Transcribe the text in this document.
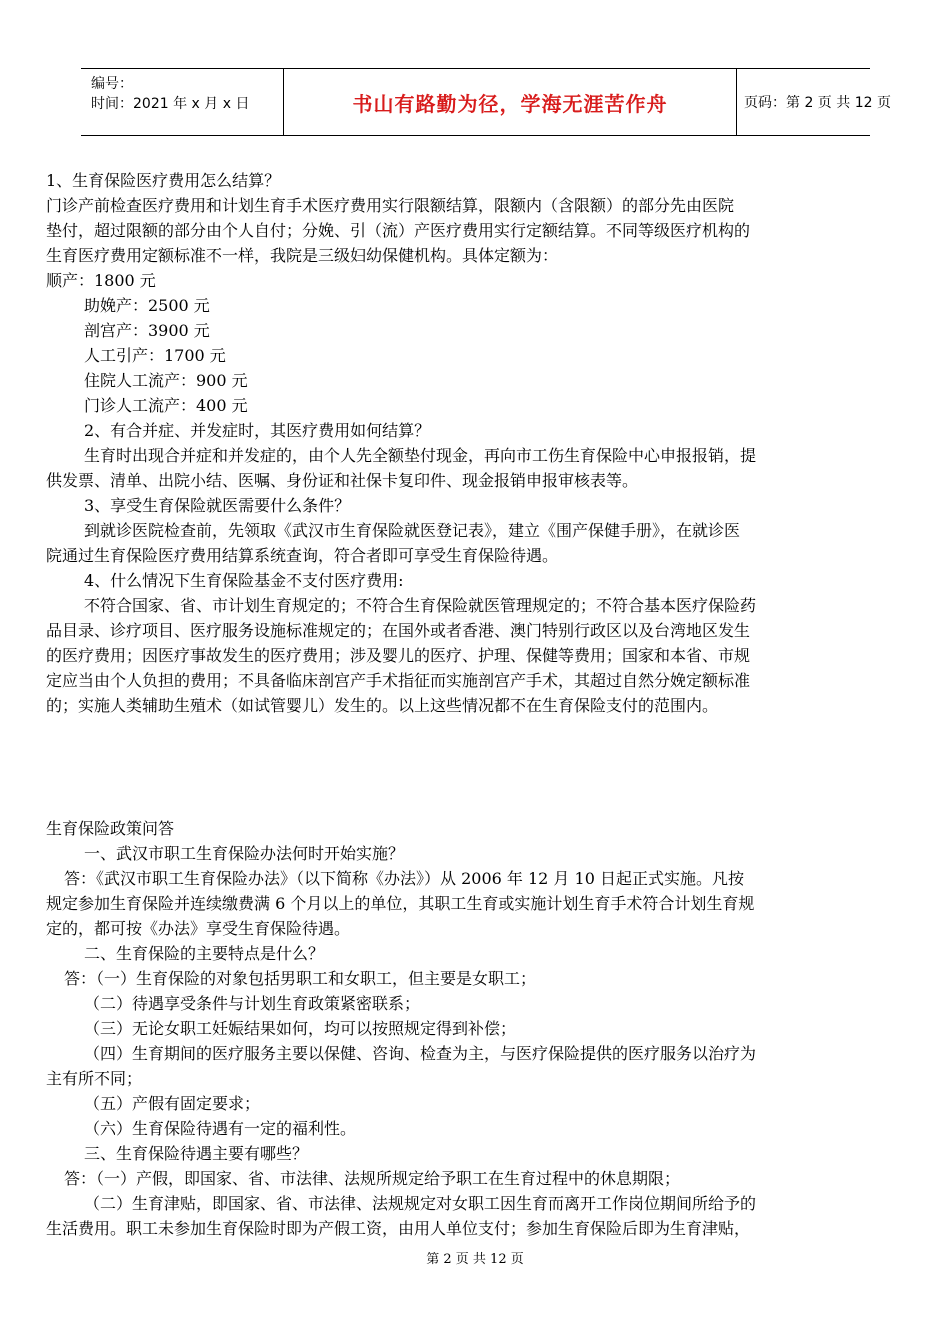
编号：
时间：2021 年 x 月 x 日	书山有路勤为径，学海无涯苦作舟	页码：第 2 页 共 12 页
1、生育保险医疗费用怎么结算？
门诊产前检查医疗费用和计划生育手术医疗费用实行限额结算，限额内（含限额）的部分先由医院
垫付，超过限额的部分由个人自付；分娩、引（流）产医疗费用实行定额结算。不同等级医疗机构的
生育医疗费用定额标准不一样，我院是三级妇幼保健机构。具体定额为：
顺产：1800 元
助娩产：2500 元
剖宫产：3900 元
人工引产：1700 元
住院人工流产：900 元
门诊人工流产：400 元
2、有合并症、并发症时，其医疗费用如何结算？
生育时出现合并症和并发症的，由个人先全额垫付现金，再向市工伤生育保险中心申报报销，提
供发票、清单、出院小结、医嘱、身份证和社保卡复印件、现金报销申报审核表等。
3、享受生育保险就医需要什么条件？
到就诊医院检查前，先领取《武汉市生育保险就医登记表》，建立《围产保健手册》，在就诊医
院通过生育保险医疗费用结算系统查询，符合者即可享受生育保险待遇。
4、什么情况下生育保险基金不支付医疗费用:
不符合国家、省、市计划生育规定的；不符合生育保险就医管理规定的；不符合基本医疗保险药
品目录、诊疗项目、医疗服务设施标准规定的；在国外或者香港、澳门特别行政区以及台湾地区发生
的医疗费用；因医疗事故发生的医疗费用；涉及婴儿的医疗、护理、保健等费用；国家和本省、市规
定应当由个人负担的费用；不具备临床剖宫产手术指征而实施剖宫产手术，其超过自然分娩定额标准
的；实施人类辅助生殖术（如试管婴儿）发生的。以上这些情况都不在生育保险支付的范围内。
生育保险政策问答
一、武汉市职工生育保险办法何时开始实施？
答：《武汉市职工生育保险办法》（以下简称《办法》）从 2006 年 12 月 10 日起正式实施。凡按
规定参加生育保险并连续缴费满 6 个月以上的单位，其职工生育或实施计划生育手术符合计划生育规
定的，都可按《办法》享受生育保险待遇。
二、生育保险的主要特点是什么？
答：（一）生育保险的对象包括男职工和女职工，但主要是女职工；
（二）待遇享受条件与计划生育政策紧密联系；
（三）无论女职工妊娠结果如何，均可以按照规定得到补偿；
（四）生育期间的医疗服务主要以保健、咨询、检查为主，与医疗保险提供的医疗服务以治疗为
主有所不同；
（五）产假有固定要求；
（六）生育保险待遇有一定的福利性。
三、生育保险待遇主要有哪些？
答：（一）产假，即国家、省、市法律、法规所规定给予职工在生育过程中的休息期限；
（二）生育津贴，即国家、省、市法律、法规规定对女职工因生育而离开工作岗位期间所给予的
生活费用。职工未参加生育保险时即为产假工资，由用人单位支付；参加生育保险后即为生育津贴，
第 2 页 共 12 页
